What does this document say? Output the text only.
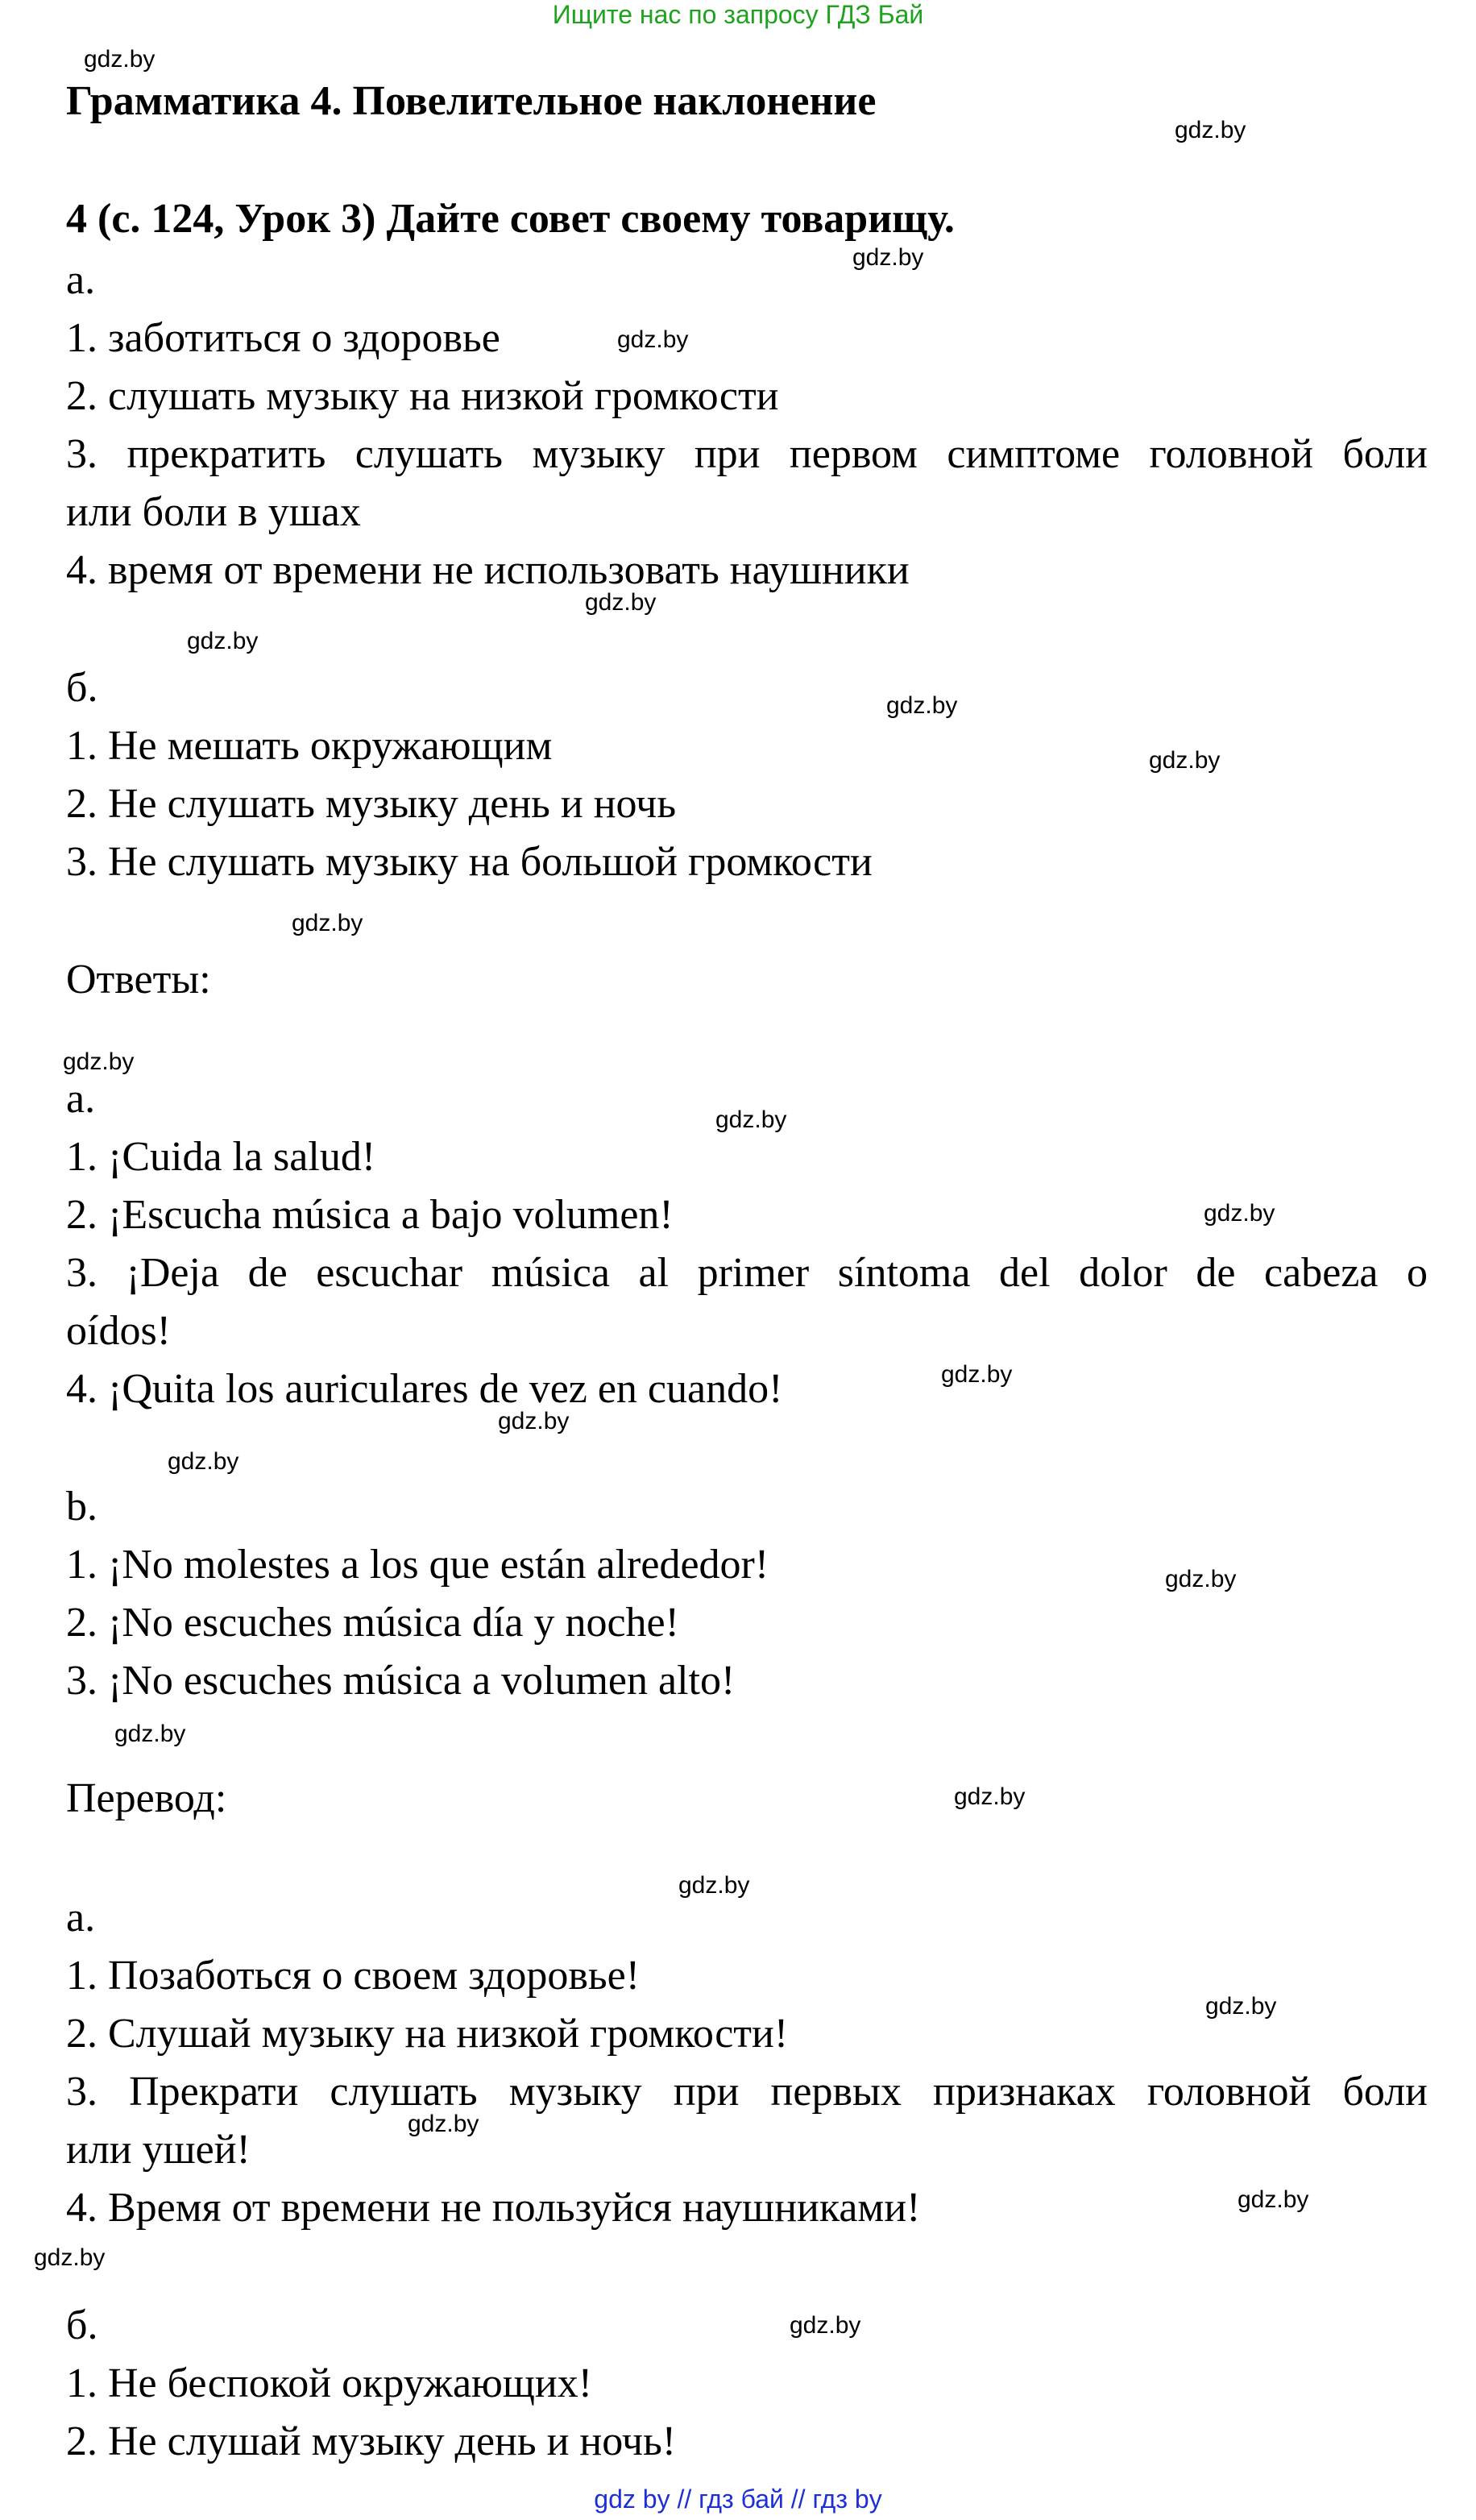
Ищите нас по запросу ГДЗ Бай
Грамматика 4. Повелительное наклонение
4 (с. 124, Урок 3) Дайте совет своему товарищу.
а.
1. заботиться о здоровье
2. слушать музыку на низкой громкости
3. прекратить слушать музыку при первом симптоме головной боли
или боли в ушах
4. время от времени не использовать наушники
б.
1. Не мешать окружающим
2. Не слушать музыку день и ночь
3. Не слушать музыку на большой громкости
Ответы:
a.
1. ¡Cuida la salud!
2. ¡Escucha música a bajo volumen!
3. ¡Deja de escuchar música al primer síntoma del dolor de cabeza o
oídos!
4. ¡Quita los auriculares de vez en cuando!
b.
1. ¡No molestes a los que están alrededor!
2. ¡No escuches música día y noche!
3. ¡No escuches música a volumen alto!
Перевод:
а.
1. Позаботься о своем здоровье!
2. Слушай музыку на низкой громкости!
3. Прекрати слушать музыку при первых признаках головной боли
или ушей!
4. Время от времени не пользуйся наушниками!
б.
1. Не беспокой окружающих!
2. Не слушай музыку день и ночь!
gdz.by
gdz.by
gdz.by
gdz.by
gdz.by
gdz.by
gdz.by
gdz.by
gdz.by
gdz.by
gdz.by
gdz.by
gdz.by
gdz.by
gdz.by
gdz.by
gdz.by
gdz.by
gdz.by
gdz.by
gdz.by
gdz.by
gdz.by
gdz.by
gdz by // гдз бай // гдз by
